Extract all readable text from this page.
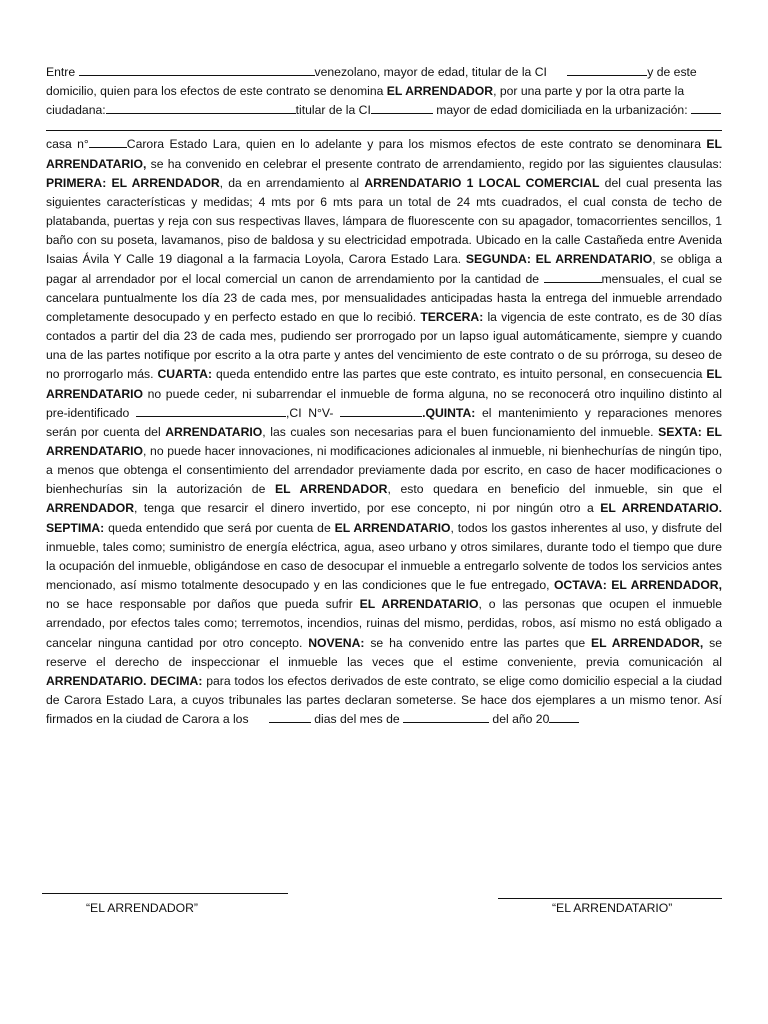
Entre	venezolano, mayor de edad, titular de la CI	y de este domicilio, quien para los efectos de este contrato se denomina EL ARRENDADOR, por una parte y por la otra parte la ciudadana:	titular de la CI	mayor de edad domiciliada en la urbanización:

casa n°	Carora Estado Lara, quien en lo adelante y para los mismos efectos de este contrato se denominara EL ARRENDATARIO, se ha convenido en celebrar el presente contrato de arrendamiento, regido por las siguientes clausulas: PRIMERA: EL ARRENDADOR, da en arrendamiento al ARRENDATARIO 1 LOCAL COMERCIAL del cual presenta las siguientes características y medidas; 4 mts por 6 mts para un total de 24 mts cuadrados, el cual consta de techo de platabanda, puertas y reja con sus respectivas llaves, lámpara de fluorescente con su apagador, tomacorrientes sencillos, 1 baño con su poseta, lavamanos, piso de baldosa y su electricidad empotrada. Ubicado en la calle Castañeda entre Avenida Isaias Ávila Y Calle 19 diagonal a la farmacia Loyola, Carora Estado Lara. SEGUNDA: EL ARRENDATARIO, se obliga a pagar al arrendador por el local comercial un canon de arrendamiento por la cantidad de	mensuales, el cual se cancelara puntualmente los día 23 de cada mes, por mensualidades anticipadas hasta la entrega del inmueble arrendado completamente desocupado y en perfecto estado en que lo recibió. TERCERA: la vigencia de este contrato, es de 30 días contados a partir del dia 23 de cada mes, pudiendo ser prorrogado por un lapso igual automáticamente, siempre y cuando una de las partes notifique por escrito a la otra parte y antes del vencimiento de este contrato o de su prórroga, su deseo de no prorrogarlo más. CUARTA: queda entendido entre las partes que este contrato, es intuito personal, en consecuencia EL ARRENDATARIO no puede ceder, ni subarrendar el inmueble de forma alguna, no se reconocerá otro inquilino distinto al pre-identificado	,CI N°V-	.QUINTA: el mantenimiento y reparaciones menores serán por cuenta del ARRENDATARIO, las cuales son necesarias para el buen funcionamiento del inmueble. SEXTA: EL ARRENDATARIO, no puede hacer innovaciones, ni modificaciones adicionales al inmueble, ni bienhechurías de ningún tipo, a menos que obtenga el consentimiento del arrendador previamente dada por escrito, en caso de hacer modificaciones o bienhechurías sin la autorización de EL ARRENDADOR, esto quedara en beneficio del inmueble, sin que el ARRENDADOR, tenga que resarcir el dinero invertido, por ese concepto, ni por ningún otro a EL ARRENDATARIO. SEPTIMA: queda entendido que será por cuenta de EL ARRENDATARIO, todos los gastos inherentes al uso, y disfrute del inmueble, tales como; suministro de energía eléctrica, agua, aseo urbano y otros similares, durante todo el tiempo que dure la ocupación del inmueble, obligándose en caso de desocupar el inmueble a entregarlo solvente de todos los servicios antes mencionado, así mismo totalmente desocupado y en las condiciones que le fue entregado, OCTAVA: EL ARRENDADOR, no se hace responsable por daños que pueda sufrir EL ARRENDATARIO, o las personas que ocupen el inmueble arrendado, por efectos tales como; terremotos, incendios, ruinas del mismo, perdidas, robos, así mismo no está obligado a cancelar ninguna cantidad por otro concepto. NOVENA: se ha convenido entre las partes que EL ARRENDADOR, se reserve el derecho de inspeccionar el inmueble las veces que el estime conveniente, previa comunicación al ARRENDATARIO. DECIMA: para todos los efectos derivados de este contrato, se elige como domicilio especial a la ciudad de Carora Estado Lara, a cuyos tribunales las partes declaran someterse. Se hace dos ejemplares a un mismo tenor. Así firmados en la ciudad de Carora a los	dias del mes de	del año 20

“EL ARRENDADOR”	“EL ARRENDATARIO”
